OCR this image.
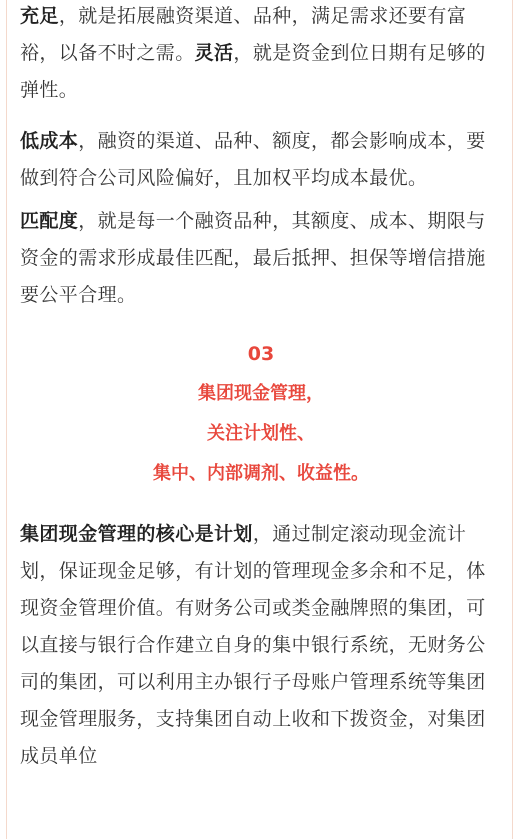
充足，就是拓展融资渠道、品种，满足需求还要有富裕，以备不时之需。灵活，就是资金到位日期有足够的弹性。

低成本，融资的渠道、品种、额度，都会影响成本，要做到符合公司风险偏好，且加权平均成本最优。

匹配度，就是每一个融资品种，其额度、成本、期限与资金的需求形成最佳匹配，最后抵押、担保等增信措施要公平合理。

03
集团现金管理，
关注计划性、
集中、内部调剂、收益性。

集团现金管理的核心是计划，通过制定滚动现金流计划，保证现金足够，有计划的管理现金多余和不足，体现资金管理价值。有财务公司或类金融牌照的集团，可以直接与银行合作建立自身的集中银行系统，无财务公司的集团，可以利用主办银行子母账户管理系统等集团现金管理服务，支持集团自动上收和下拨资金，对集团成员单位
